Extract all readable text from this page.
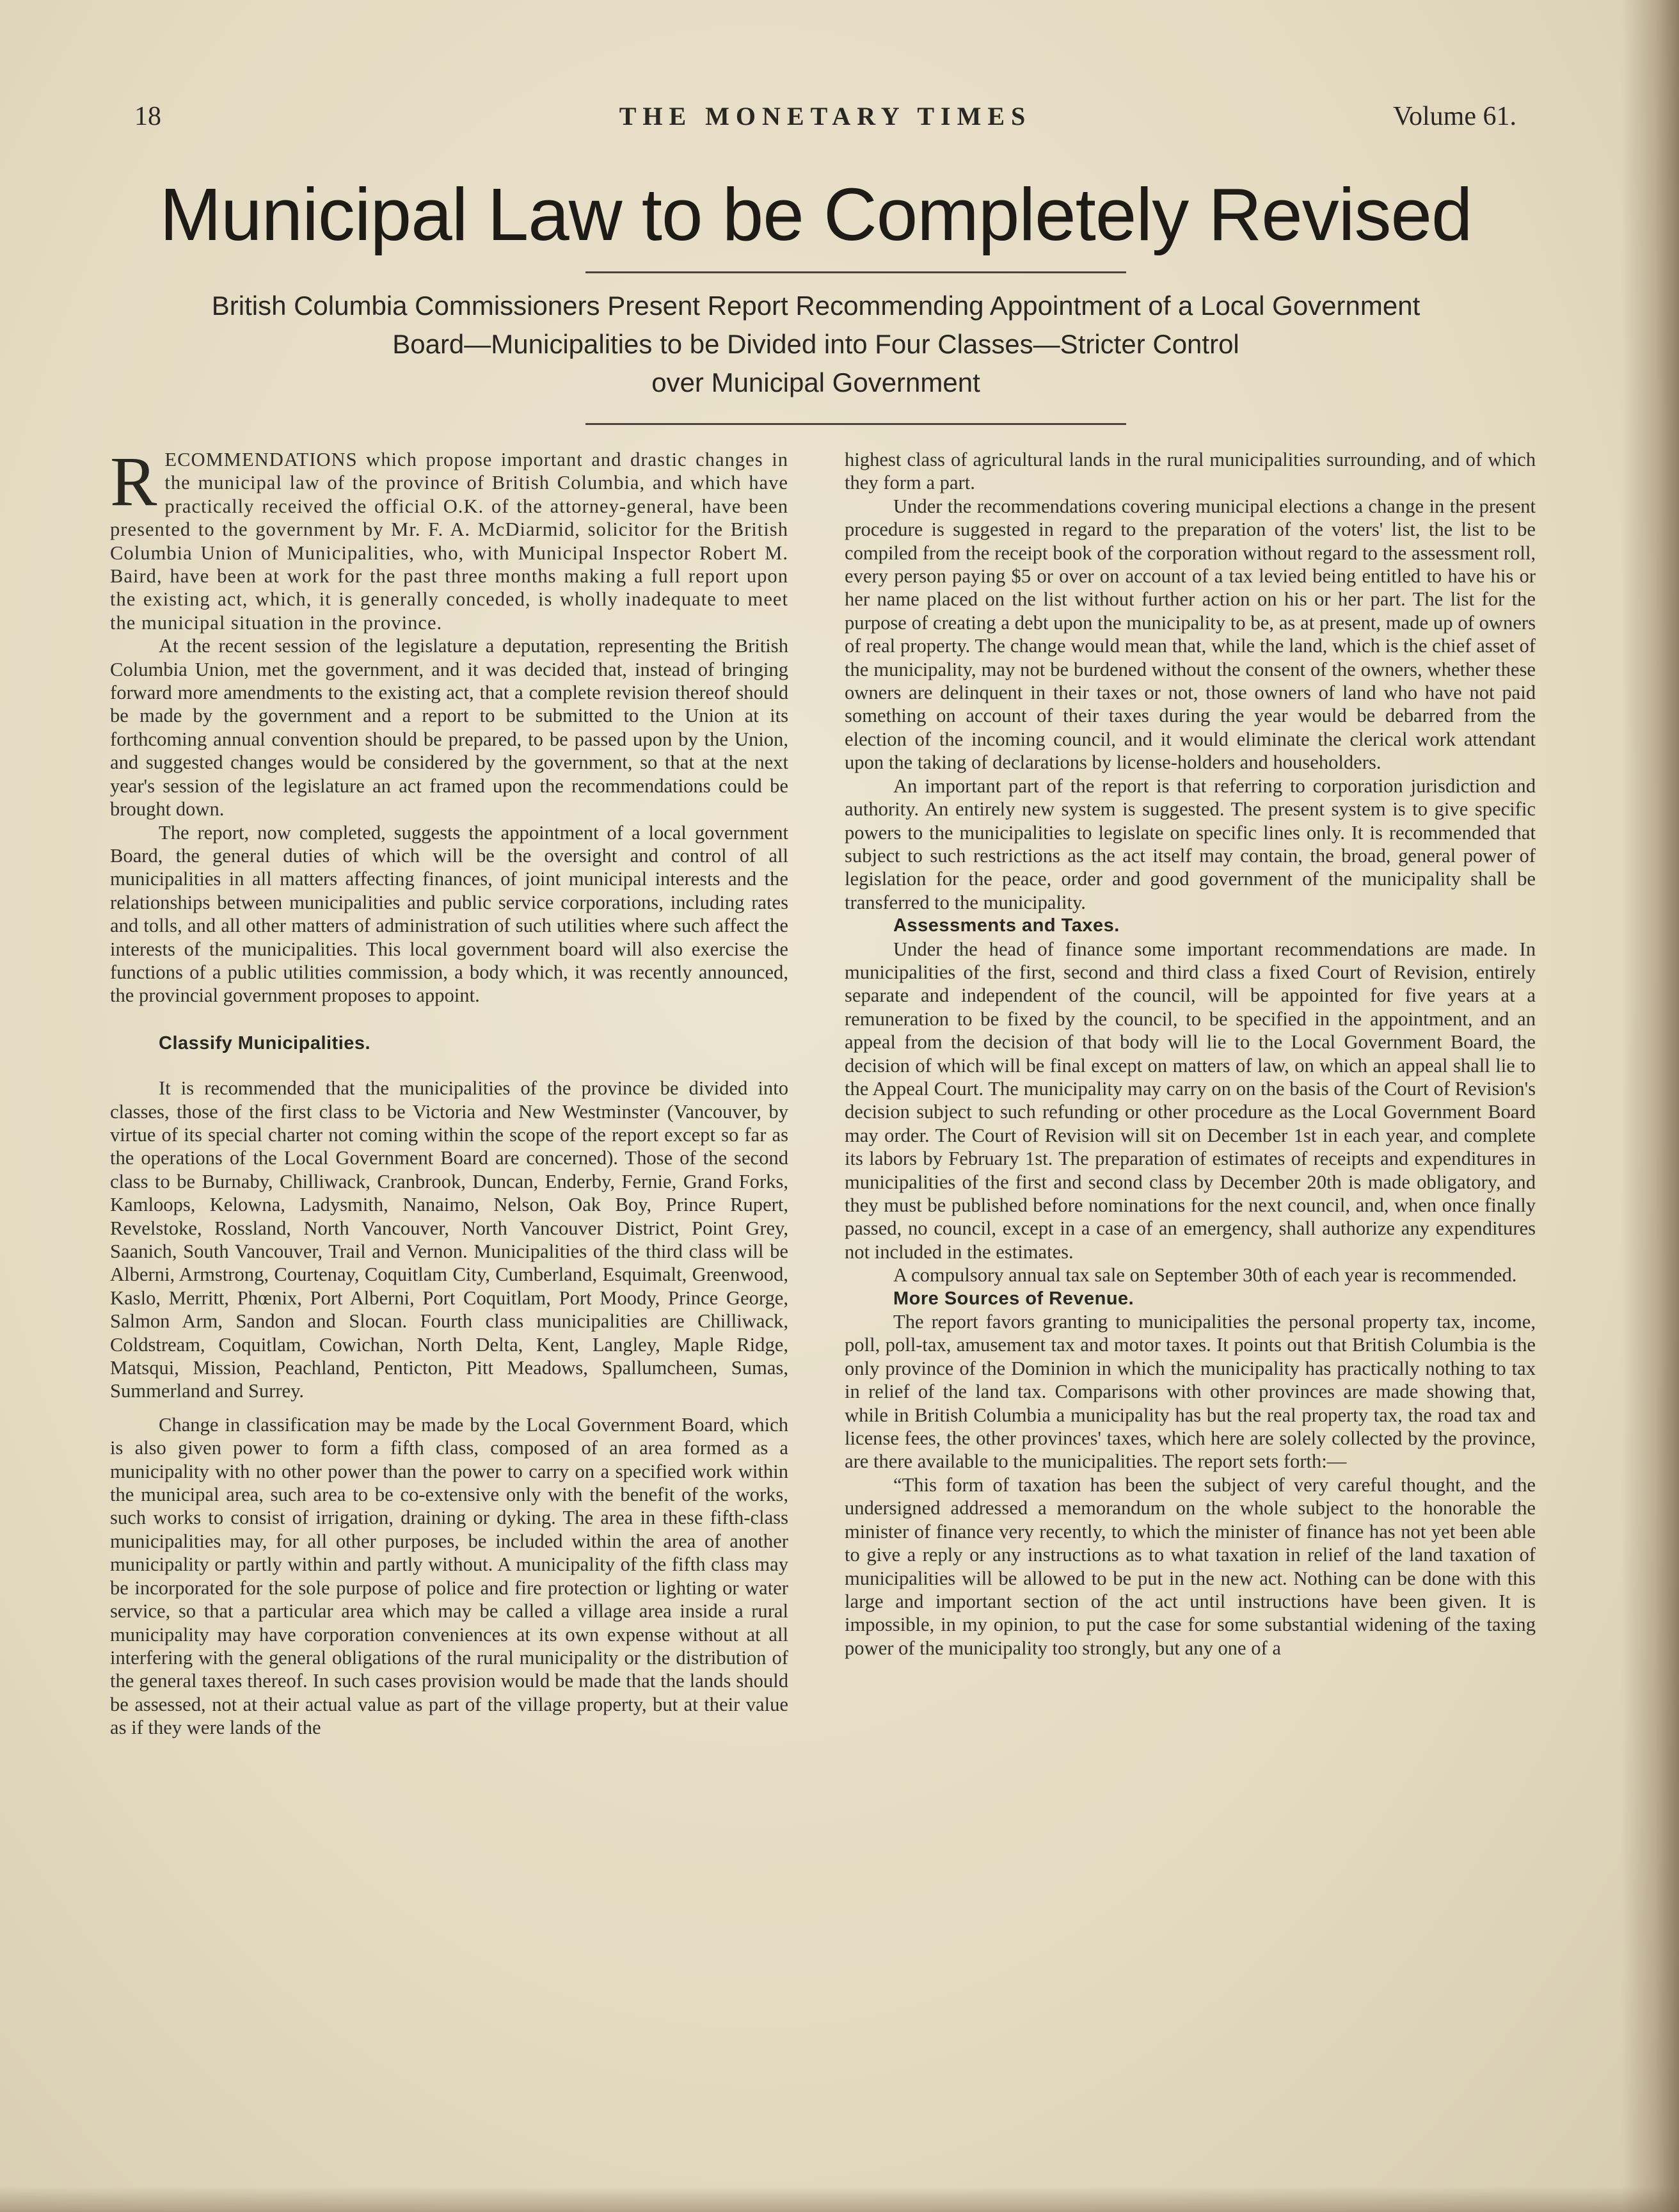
18	THE MONETARY TIMES	Volume 61.
Municipal Law to be Completely Revised
British Columbia Commissioners Present Report Recommending Appointment of a Local Government
Board—Municipalities to be Divided into Four Classes—Stricter Control
over Municipal Government

RECOMMENDATIONS which propose important and drastic changes in the municipal law of the province of British Columbia, and which have practically received the official O.K. of the attorney-general, have been presented to the government by Mr. F. A. McDiarmid, solicitor for the British Columbia Union of Municipalities, who, with Municipal Inspector Robert M. Baird, have been at work for the past three months making a full report upon the existing act, which, it is generally conceded, is wholly inadequate to meet the municipal situation in the province.

At the recent session of the legislature a deputation, representing the British Columbia Union, met the government, and it was decided that, instead of bringing forward more amendments to the existing act, that a complete revision thereof should be made by the government and a report to be submitted to the Union at its forthcoming annual convention should be prepared, to be passed upon by the Union, and suggested changes would be considered by the government, so that at the next year's session of the legislature an act framed upon the recommendations could be brought down.

The report, now completed, suggests the appointment of a local government Board, the general duties of which will be the oversight and control of all municipalities in all matters affecting finances, of joint municipal interests and the relationships between municipalities and public service corporations, including rates and tolls, and all other matters of administration of such utilities where such affect the interests of the municipalities. This local government board will also exercise the functions of a public utilities commission, a body which, it was recently announced, the provincial government proposes to appoint.

Classify Municipalities.

It is recommended that the municipalities of the province be divided into classes, those of the first class to be Victoria and New Westminster (Vancouver, by virtue of its special charter not coming within the scope of the report except so far as the operations of the Local Government Board are concerned). Those of the second class to be Burnaby, Chilliwack, Cranbrook, Duncan, Enderby, Fernie, Grand Forks, Kamloops, Kelowna, Ladysmith, Nanaimo, Nelson, Oak Boy, Prince Rupert, Revelstoke, Rossland, North Vancouver, North Vancouver District, Point Grey, Saanich, South Vancouver, Trail and Vernon. Municipalities of the third class will be Alberni, Armstrong, Courtenay, Coquitlam City, Cumberland, Esquimalt, Greenwood, Kaslo, Merritt, Phœnix, Port Alberni, Port Coquitlam, Port Moody, Prince George, Salmon Arm, Sandon and Slocan. Fourth class municipalities are Chilliwack, Coldstream, Coquitlam, Cowichan, North Delta, Kent, Langley, Maple Ridge, Matsqui, Mission, Peachland, Penticton, Pitt Meadows, Spallumcheen, Sumas, Summerland and Surrey.

Change in classification may be made by the Local Government Board, which is also given power to form a fifth class, composed of an area formed as a municipality with no other power than the power to carry on a specified work within the municipal area, such area to be co-extensive only with the benefit of the works, such works to consist of irrigation, draining or dyking. The area in these fifth-class municipalities may, for all other purposes, be included within the area of another municipality or partly within and partly without. A municipality of the fifth class may be incorporated for the sole purpose of police and fire protection or lighting or water service, so that a particular area which may be called a village area inside a rural municipality may have corporation conveniences at its own expense without at all interfering with the general obligations of the rural municipality or the distribution of the general taxes thereof. In such cases provision would be made that the lands should be assessed, not at their actual value as part of the village property, but at their value as if they were lands of the

highest class of agricultural lands in the rural municipalities surrounding, and of which they form a part.

Under the recommendations covering municipal elections a change in the present procedure is suggested in regard to the preparation of the voters' list, the list to be compiled from the receipt book of the corporation without regard to the assessment roll, every person paying $5 or over on account of a tax levied being entitled to have his or her name placed on the list without further action on his or her part. The list for the purpose of creating a debt upon the municipality to be, as at present, made up of owners of real property. The change would mean that, while the land, which is the chief asset of the municipality, may not be burdened without the consent of the owners, whether these owners are delinquent in their taxes or not, those owners of land who have not paid something on account of their taxes during the year would be debarred from the election of the incoming council, and it would eliminate the clerical work attendant upon the taking of declarations by license-holders and householders.

An important part of the report is that referring to corporation jurisdiction and authority. An entirely new system is suggested. The present system is to give specific powers to the municipalities to legislate on specific lines only. It is recommended that subject to such restrictions as the act itself may contain, the broad, general power of legislation for the peace, order and good government of the municipality shall be transferred to the municipality.

Assessments and Taxes.

Under the head of finance some important recommendations are made. In municipalities of the first, second and third class a fixed Court of Revision, entirely separate and independent of the council, will be appointed for five years at a remuneration to be fixed by the council, to be specified in the appointment, and an appeal from the decision of that body will lie to the Local Government Board, the decision of which will be final except on matters of law, on which an appeal shall lie to the Appeal Court. The municipality may carry on on the basis of the Court of Revision's decision subject to such refunding or other procedure as the Local Government Board may order. The Court of Revision will sit on December 1st in each year, and complete its labors by February 1st. The preparation of estimates of receipts and expenditures in municipalities of the first and second class by December 20th is made obligatory, and they must be published before nominations for the next council, and, when once finally passed, no council, except in a case of an emergency, shall authorize any expenditures not included in the estimates.

A compulsory annual tax sale on September 30th of each year is recommended.

More Sources of Revenue.

The report favors granting to municipalities the personal property tax, income, poll, poll-tax, amusement tax and motor taxes. It points out that British Columbia is the only province of the Dominion in which the municipality has practically nothing to tax in relief of the land tax. Comparisons with other provinces are made showing that, while in British Columbia a municipality has but the real property tax, the road tax and license fees, the other provinces' taxes, which here are solely collected by the province, are there available to the municipalities. The report sets forth:—

“This form of taxation has been the subject of very careful thought, and the undersigned addressed a memorandum on the whole subject to the honorable the minister of finance very recently, to which the minister of finance has not yet been able to give a reply or any instructions as to what taxation in relief of the land taxation of municipalities will be allowed to be put in the new act. Nothing can be done with this large and important section of the act until instructions have been given. It is impossible, in my opinion, to put the case for some substantial widening of the taxing power of the municipality too strongly, but any one of a
